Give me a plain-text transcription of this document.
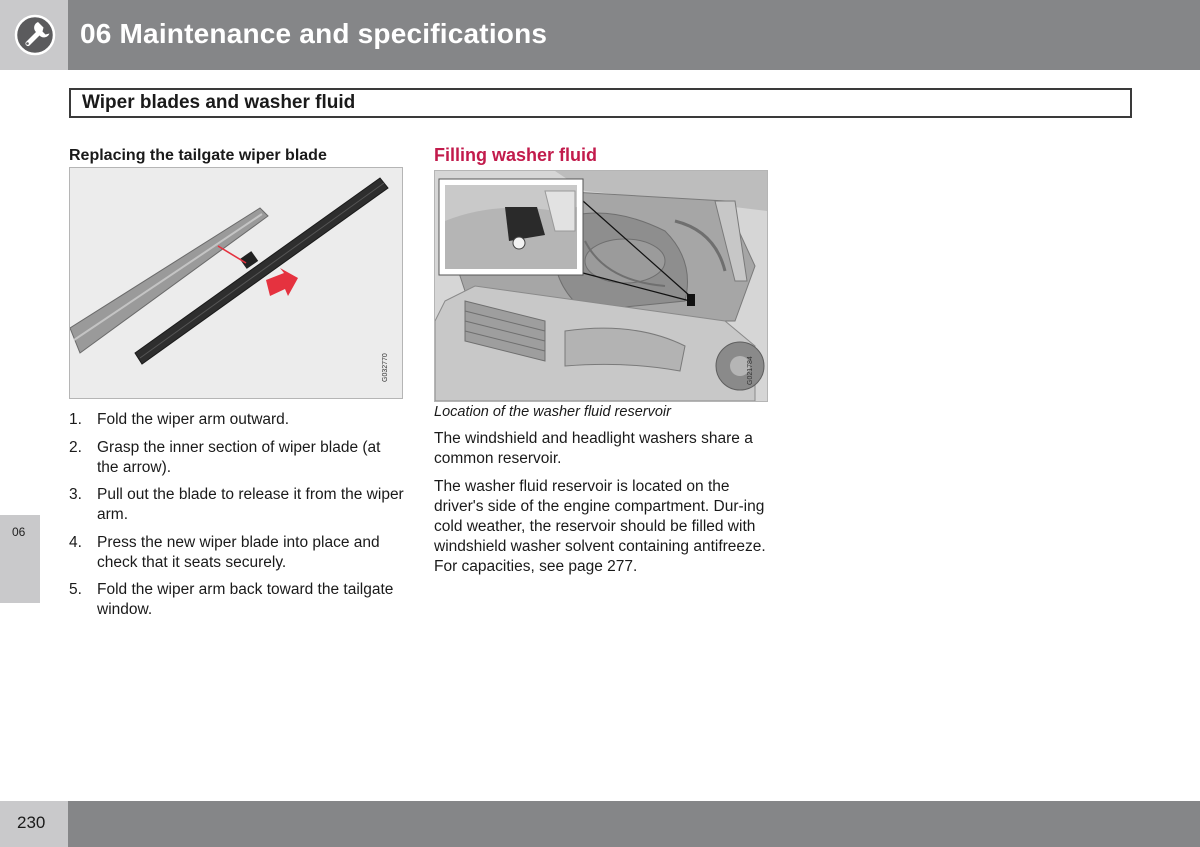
06 Maintenance and specifications
Wiper blades and washer fluid
Replacing the tailgate wiper blade
G032770
1. Fold the wiper arm outward.
2. Grasp the inner section of wiper blade (at the arrow).
3. Pull out the blade to release it from the wiper arm.
4. Press the new wiper blade into place and check that it seats securely.
5. Fold the wiper arm back toward the tailgate window.
Filling washer fluid
G021784
Location of the washer fluid reservoir
The windshield and headlight washers share a common reservoir.
The washer fluid reservoir is located on the driver's side of the engine compartment. Dur-ing cold weather, the reservoir should be filled with windshield washer solvent containing antifreeze. For capacities, see page 277.
06
230
